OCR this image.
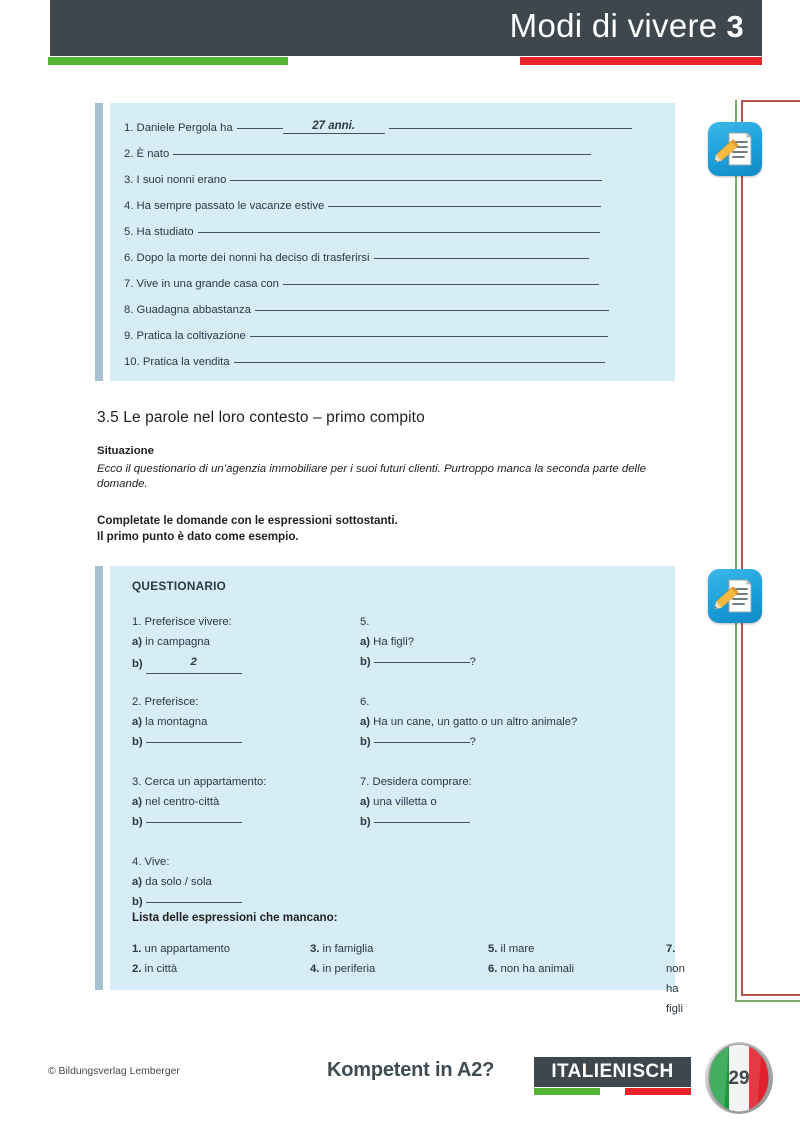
Modi di vivere 3
1. Daniele Pergola ha	27 anni.
2. È nato
3. I suoi nonni erano
4. Ha sempre passato le vacanze estive
5. Ha studiato
6. Dopo la morte dei nonni ha deciso di trasferirsi
7. Vive in una grande casa con
8. Guadagna abbastanza
9. Pratica la coltivazione
10. Pratica la vendita
3.5 Le parole nel loro contesto – primo compito
Situazione
Ecco il questionario di un’agenzia immobiliare per i suoi futuri clienti. Purtroppo manca la seconda parte delle domande.
Completate le domande con le espressioni sottostanti.
Il primo punto è dato come esempio.
QUESTIONARIO
Lista delle espressioni che mancano:
1. un appartamento
2. in città
3. in famiglia
4. in periferia
5. il mare
6. non ha animali
7. non ha figli
1. Preferisce vivere:
a) in campagna
b)	2
2. Preferisce:
a) la montagna
b)
3. Cerca un appartamento:
a) nel centro-città
b)
4. Vive:
a) da solo / sola
b)
5.
a) Ha figli?
b)	?
6.
a) Ha un cane, un gatto o un altro animale?
b)	?
7. Desidera comprare:
a) una villetta o
b)
© Bildungsverlag Lemberger	Kompetent in A2?	ITALIENISCH	29
